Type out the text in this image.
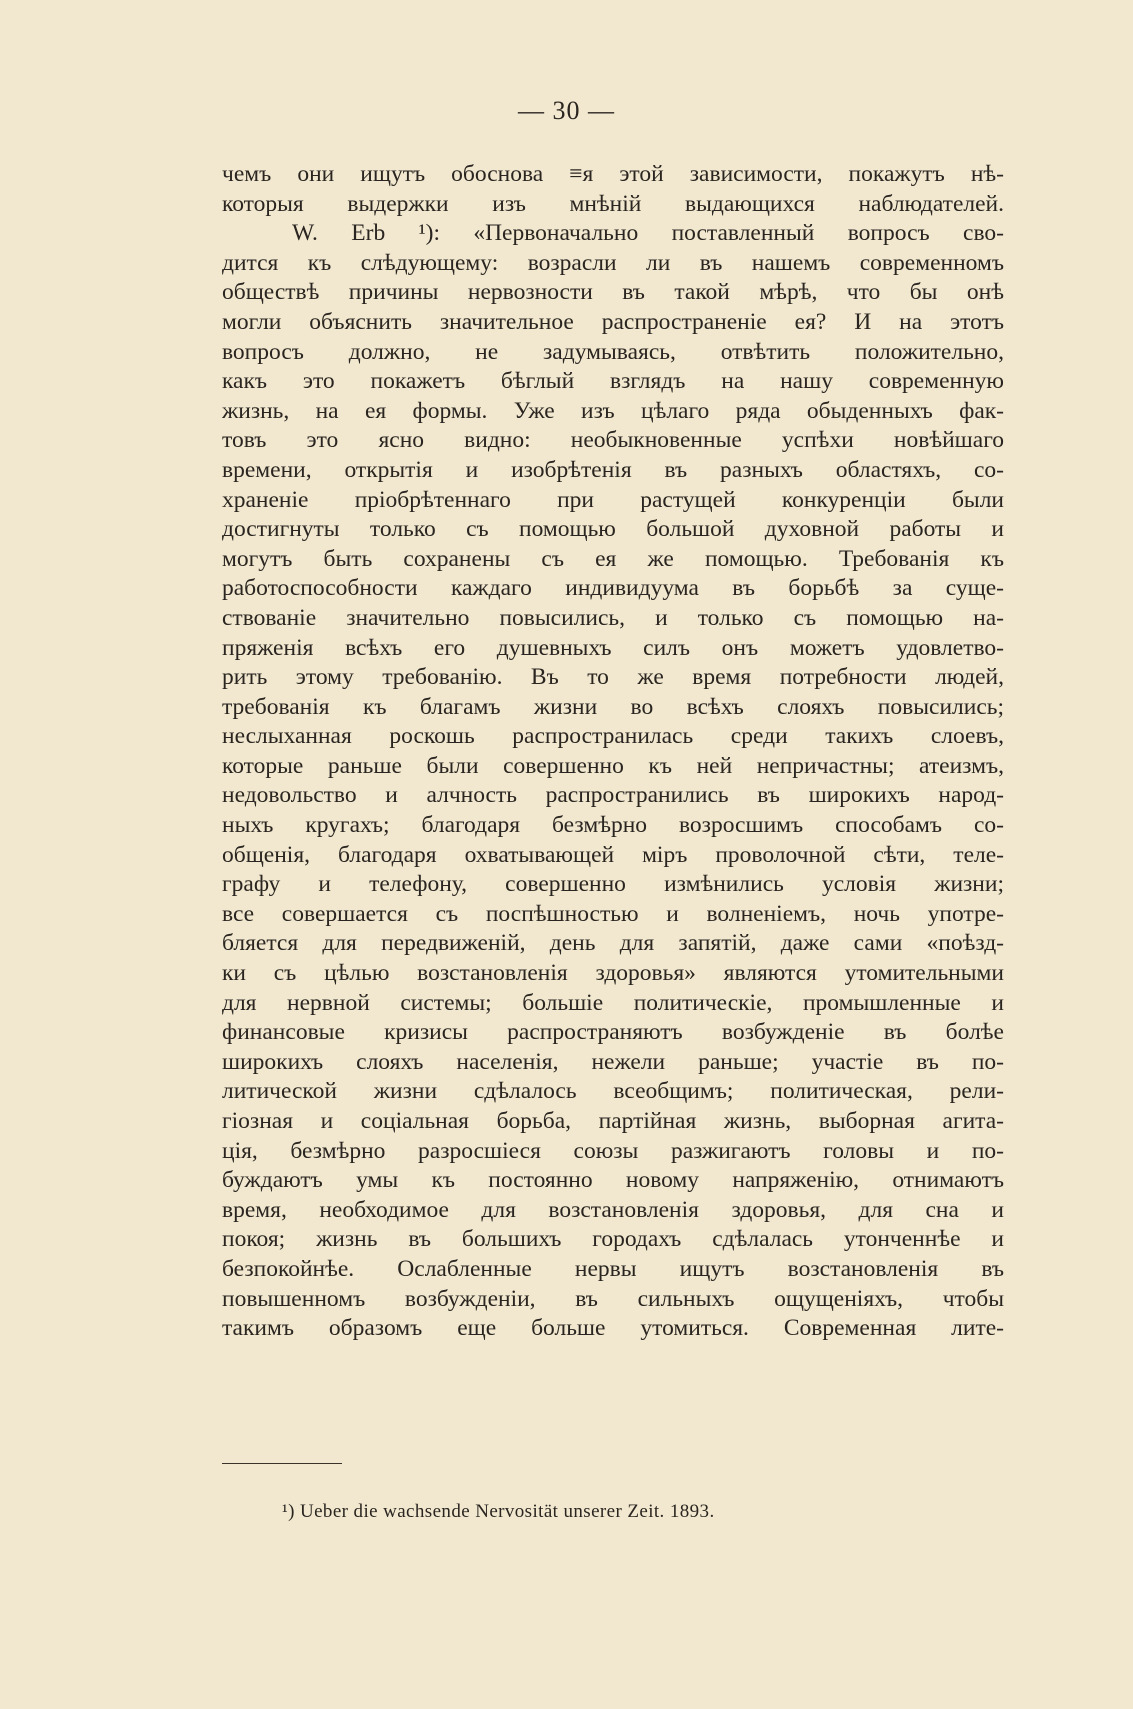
— 30 —
чемъ они ищутъ обоснова ≡я этой зависимости, покажутъ нѣ-
которыя выдержки изъ мнѣній выдающихся наблюдателей.
W. Erb ¹): «Первоначально поставленный вопросъ сво-
дится къ слѣдующему: возрасли ли въ нашемъ современномъ
обществѣ причины нервозности въ такой мѣрѣ, что бы онѣ
могли объяснить значительное распространеніе ея? И на этотъ
вопросъ должно, не задумываясь, отвѣтить положительно,
какъ это покажетъ бѣглый взглядъ на нашу современную
жизнь, на ея формы. Уже изъ цѣлаго ряда обыденныхъ фак-
товъ это ясно видно: необыкновенные успѣхи новѣйшаго
времени, открытія и изобрѣтенія въ разныхъ областяхъ, со-
храненіе пріобрѣтеннаго при растущей конкуренціи были
достигнуты только съ помощью большой духовной работы и
могутъ быть сохранены съ ея же помощью. Требованія къ
работоспособности каждаго индивидуума въ борьбѣ за суще-
ствованіе значительно повысились, и только съ помощью на-
пряженія всѣхъ его душевныхъ силъ онъ можетъ удовлетво-
рить этому требованію. Въ то же время потребности людей,
требованія къ благамъ жизни во всѣхъ слояхъ повысились;
неслыханная роскошь распространилась среди такихъ слоевъ,
которые раньше были совершенно къ ней непричастны; атеизмъ,
недовольство и алчность распространились въ широкихъ народ-
ныхъ кругахъ; благодаря безмѣрно возросшимъ способамъ со-
общенія, благодаря охватывающей міръ проволочной сѣти, теле-
графу и телефону, совершенно измѣнились условія жизни;
все совершается съ поспѣшностью и волненіемъ, ночь употре-
бляется для передвиженій, день для запятій, даже сами «поѣзд-
ки съ цѣлью возстановленія здоровья» являются утомительными
для нервной системы; большіе политическіе, промышленные и
финансовые кризисы распространяютъ возбужденіе въ болѣе
широкихъ слояхъ населенія, нежели раньше; участіе въ по-
литической жизни сдѣлалось всеобщимъ; политическая, рели-
гіозная и соціальная борьба, партійная жизнь, выборная агита-
ція, безмѣрно разросшіеся союзы разжигаютъ головы и по-
буждаютъ умы къ постоянно новому напряженію, отнимаютъ
время, необходимое для возстановленія здоровья, для сна и
покоя; жизнь въ большихъ городахъ сдѣлалась утонченнѣе и
безпокойнѣе. Ослабленные нервы ищутъ возстановленія въ
повышенномъ возбужденіи, въ сильныхъ ощущеніяхъ, чтобы
такимъ образомъ еще больше утомиться. Современная лите-
¹) Ueber die wachsende Nervosität unserer Zeit. 1893.
